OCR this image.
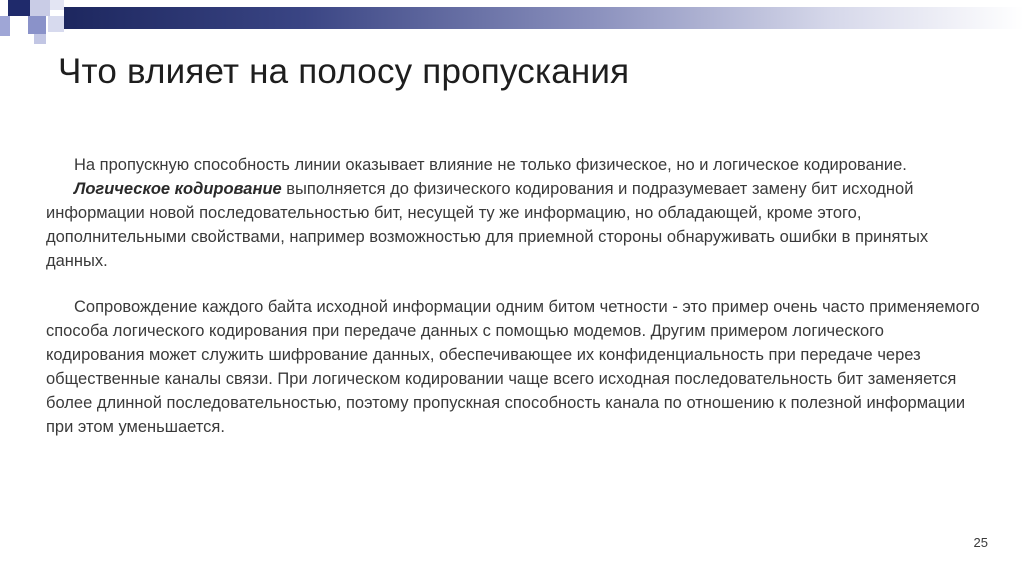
Что влияет на полосу пропускания

На пропускную способность линии оказывает влияние не только физическое, но и логическое кодирование.

Логическое кодирование выполняется до физического кодирования и подразумевает замену бит исходной информации новой последовательностью бит, несущей ту же информацию, но обладающей, кроме этого, дополнительными свойствами, например возможностью для приемной стороны обнаруживать ошибки в принятых данных.

Сопровождение каждого байта исходной информации одним битом четности - это пример очень часто применяемого способа логического кодирования при передаче данных с помощью модемов. Другим примером логического кодирования может служить шифрование данных, обеспечивающее их конфиденциальность при передаче через общественные каналы связи. При логическом кодировании чаще всего исходная последовательность бит заменяется более длинной последовательностью, поэтому пропускная способность канала по отношению к полезной информации при этом уменьшается.

25
